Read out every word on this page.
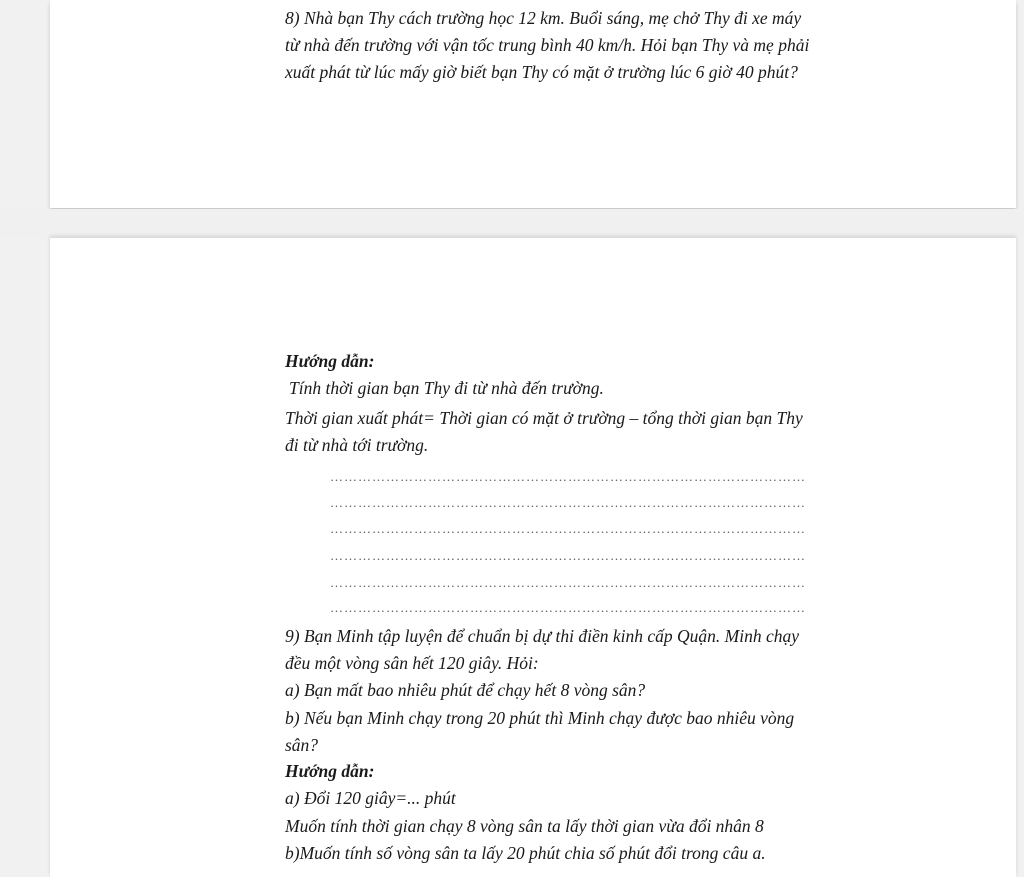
8) Nhà bạn Thy cách trường học 12 km. Buổi sáng, mẹ chở Thy đi xe máy
từ nhà đến trường với vận tốc trung bình 40 km/h. Hỏi bạn Thy và mẹ phải
xuất phát từ lúc mấy giờ biết bạn Thy có mặt ở trường lúc 6 giờ 40 phút?
Hướng dẫn:
Tính thời gian bạn Thy đi từ nhà đến trường.
Thời gian xuất phát= Thời gian có mặt ở trường – tổng thời gian bạn Thy
đi từ nhà tới trường.
…………………………………………………………………………………………
…………………………………………………………………………………………
…………………………………………………………………………………………
…………………………………………………………………………………………
…………………………………………………………………………………………
…………………………………………………………………………………………
9) Bạn Minh tập luyện để chuẩn bị dự thi điền kinh cấp Quận. Minh chạy
đều một vòng sân hết 120 giây. Hỏi:
a) Bạn mất bao nhiêu phút để chạy hết 8 vòng sân?
b) Nếu bạn Minh chạy trong 20 phút thì Minh chạy được bao nhiêu vòng
sân?
Hướng dẫn:
a) Đổi 120 giây=... phút
Muốn tính thời gian chạy 8 vòng sân ta lấy thời gian vừa đổi nhân 8
b)Muốn tính số vòng sân ta lấy 20 phút chia số phút đổi trong câu a.
